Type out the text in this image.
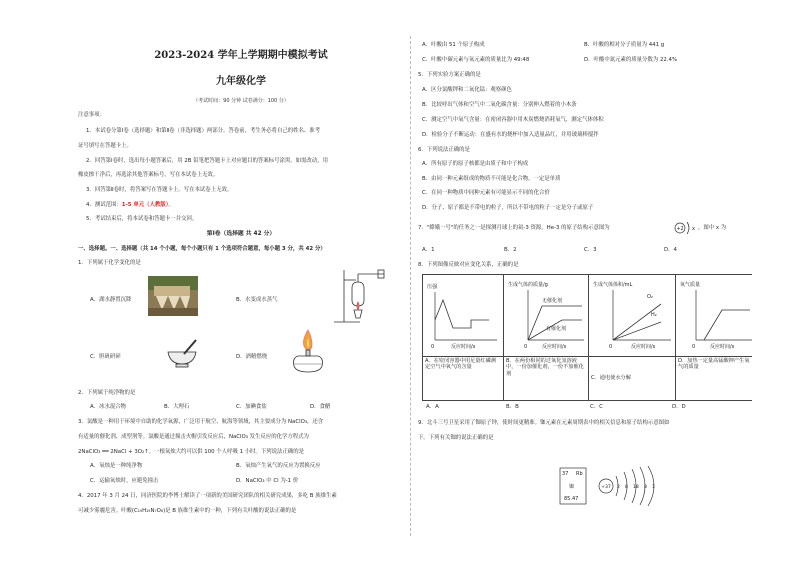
2023-2024 学年上学期期中模拟考试
九年级化学
（考试时间：90 分钟 试卷满分：100 分）
注意事项：
1．本试卷分第Ⅰ卷（选择题）和第Ⅱ卷（非选择题）两部分。答卷前，考生务必将自己的姓名、准考
证号填写在答题卡上。
2．回答第Ⅰ卷时，选出每小题答案后，用 2B 铅笔把答题卡上对应题目的答案标号涂黑。如需改动，用
橡皮擦干净后，再选涂其他答案标号。写在本试卷上无效。
3．回答第Ⅱ卷时，将答案写在答题卡上。写在本试卷上无效。
4．测试范围：1-5 单元（人教版）。
5．考试结束后，将本试卷和答题卡一并交回。
第Ⅰ卷（选择题 共 42 分）
一、选择题。一、选择题（共 14 个小题，每个小题只有 1 个选项符合题意，每小题 3 分，共 42 分）
1．下列属于化学变化的是
A．湖水静置沉降	B．水变成水蒸气
C．胆矾研碎	D．酒精燃烧
2．下列属于纯净物的是
A．冰水混合物	B．大理石	C．加碘食盐	D．食醋
3．氯酸是一种用于环境中自助的化学氧源，广泛用于航空、航海等领域，其主要成分为 NaClO₃，还含
有适量的催化剂、成型剂等。氯酸是通过撞击火帽引发反应后，NaClO₃ 发生反应的化学方程式为
2NaClO₃ ══ 2NaCl + 3O₂↑。一根氧烛大约可以供 100 个人呼吸 1 小时。下列说法正确的是
A．氧烛是一种纯净物	B．氧烛产生氧气的反应为置换反应
C．运输氧烛时，应避免撞击	D．NaClO₃ 中 Cl 为-1 价
4．2017 年 3 月 24 日，同济医院的李博士解读了一项新的美国研究团队的相关研究成果，多吃 B 族维生素
可减少雾霾危害。叶酸(C₁₉H₁₉N₇O₆)是 B 族维生素中的一种，下列有关叶酸的说法正确的是
A．叶酸由 51 个原子构成	B．叶酸的相对分子质量为 441 g
C．叶酸中碳元素与氧元素的质量比为 49:48	D．叶酸中氮元素的质量分数为 22.4%
5．下列实验方案正确的是
A．区分氯酸钾和二氧化锰：观察颜色
B．比较呼出气体和空气中二氧化碳含量：分别伸入燃着的小木条
C．测定空气中氧气含量：在密闭容器中用木炭燃烧消耗氧气，测定气体体积
D．检验分子不断运动：在盛有水的烧杯中加入适量品红，并用玻璃棒搅拌
6．下列说法正确的是
A．所有原子的原子核都是由质子和中子构成
B．由同一种元素组成的物质不可能是化合物，一定是单质
C．在同一种物质中同种元素有可能显示不同的化合价
D．分子、原子都是不带电的粒子，所以不带电的粒子一定是分子或原子
7．"嫦娥一号"的任务之一是探测月球上的氦-3 资源，He-3 的原子结构示意图为	+2 x ，图中 x 为
A．1	B．2	C．3	D．4
8．下列图像反映对应变化关系，正确的是
压强
0 反应时间/s	生成气体的质量/g
无催化剂
有催化剂
0 反应时间/s	生成气体体积/mL
O₂
H₂
0 反应时间/s	氧气质量
0 反应时间/s

A．在密闭容器中用足量红磷测定空气中氧气的含量	B．在两份相同的过氧化氢溶液中，一份加催化剂，一份不加催化剂	C．通电使水分解	D．加热一定量高锰酸钾产生氧气的质量
A．A	B．B	C．C	D．D
9．北斗三号卫星采用了铷原子钟，使时间更精准。铷元素在元素周期表中的相关信息和原子结构示意图如
下。下列有关铷的说法正确的是
37 Rb
铷
85.47
+37 2 8 18 8 1
